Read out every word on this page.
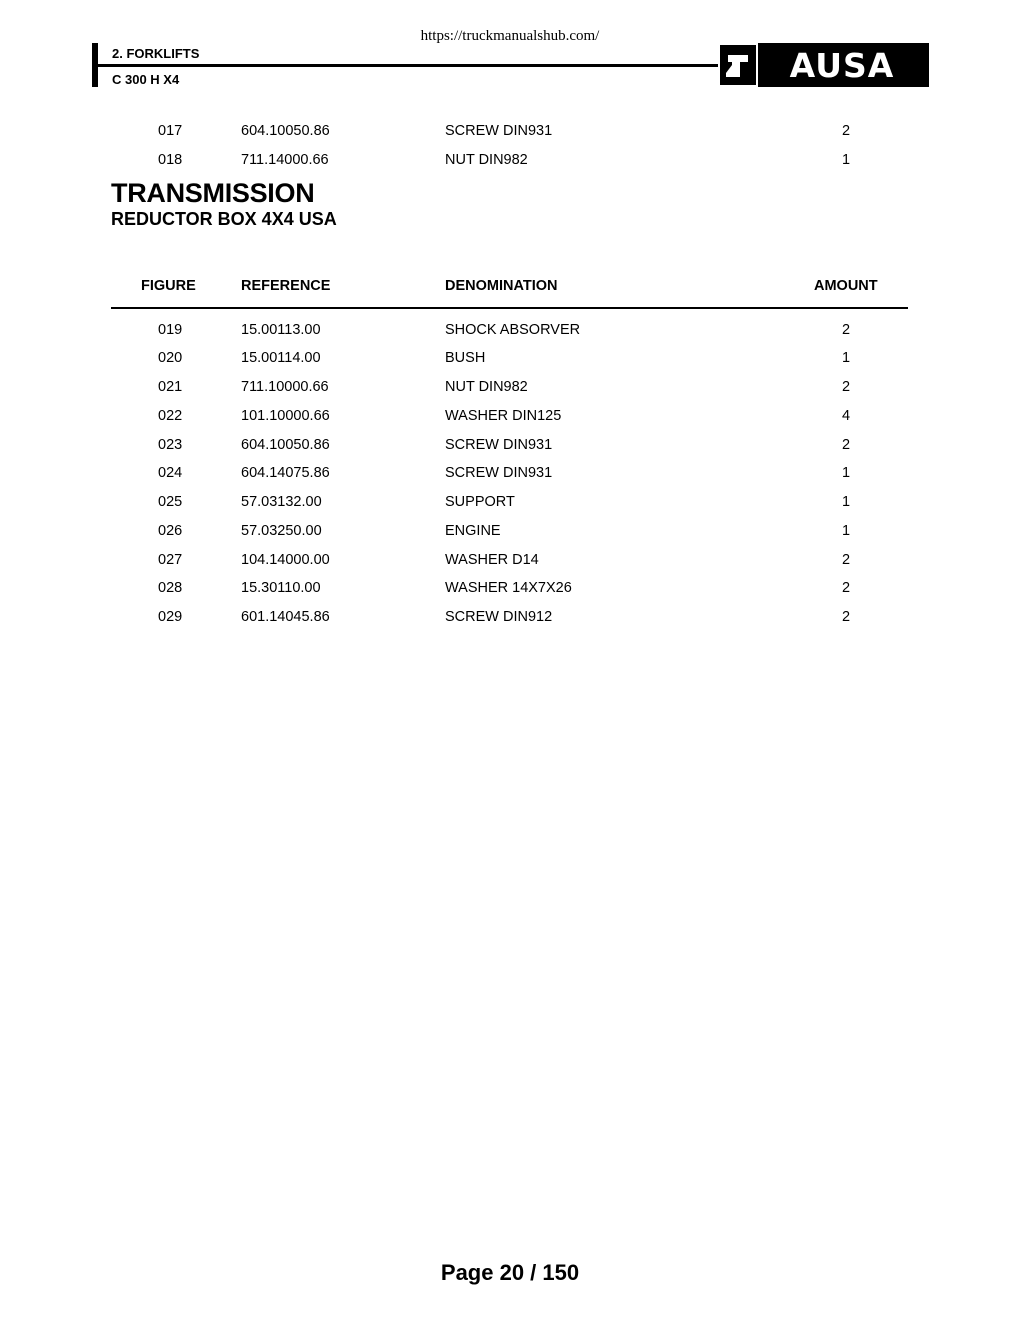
https://truckmanualshub.com/
2. FORKLIFTS
C 300 H X4	AUSA
017	604.10050.86	SCREW DIN931	2
018	711.14000.66	NUT DIN982	1
TRANSMISSION
REDUCTOR BOX 4X4 USA
FIGURE	REFERENCE	DENOMINATION	AMOUNT
019	15.00113.00	SHOCK ABSORVER	2
020	15.00114.00	BUSH	1
021	711.10000.66	NUT DIN982	2
022	101.10000.66	WASHER DIN125	4
023	604.10050.86	SCREW DIN931	2
024	604.14075.86	SCREW DIN931	1
025	57.03132.00	SUPPORT	1
026	57.03250.00	ENGINE	1
027	104.14000.00	WASHER D14	2
028	15.30110.00	WASHER 14X7X26	2
029	601.14045.86	SCREW DIN912	2
Page 20 / 150
